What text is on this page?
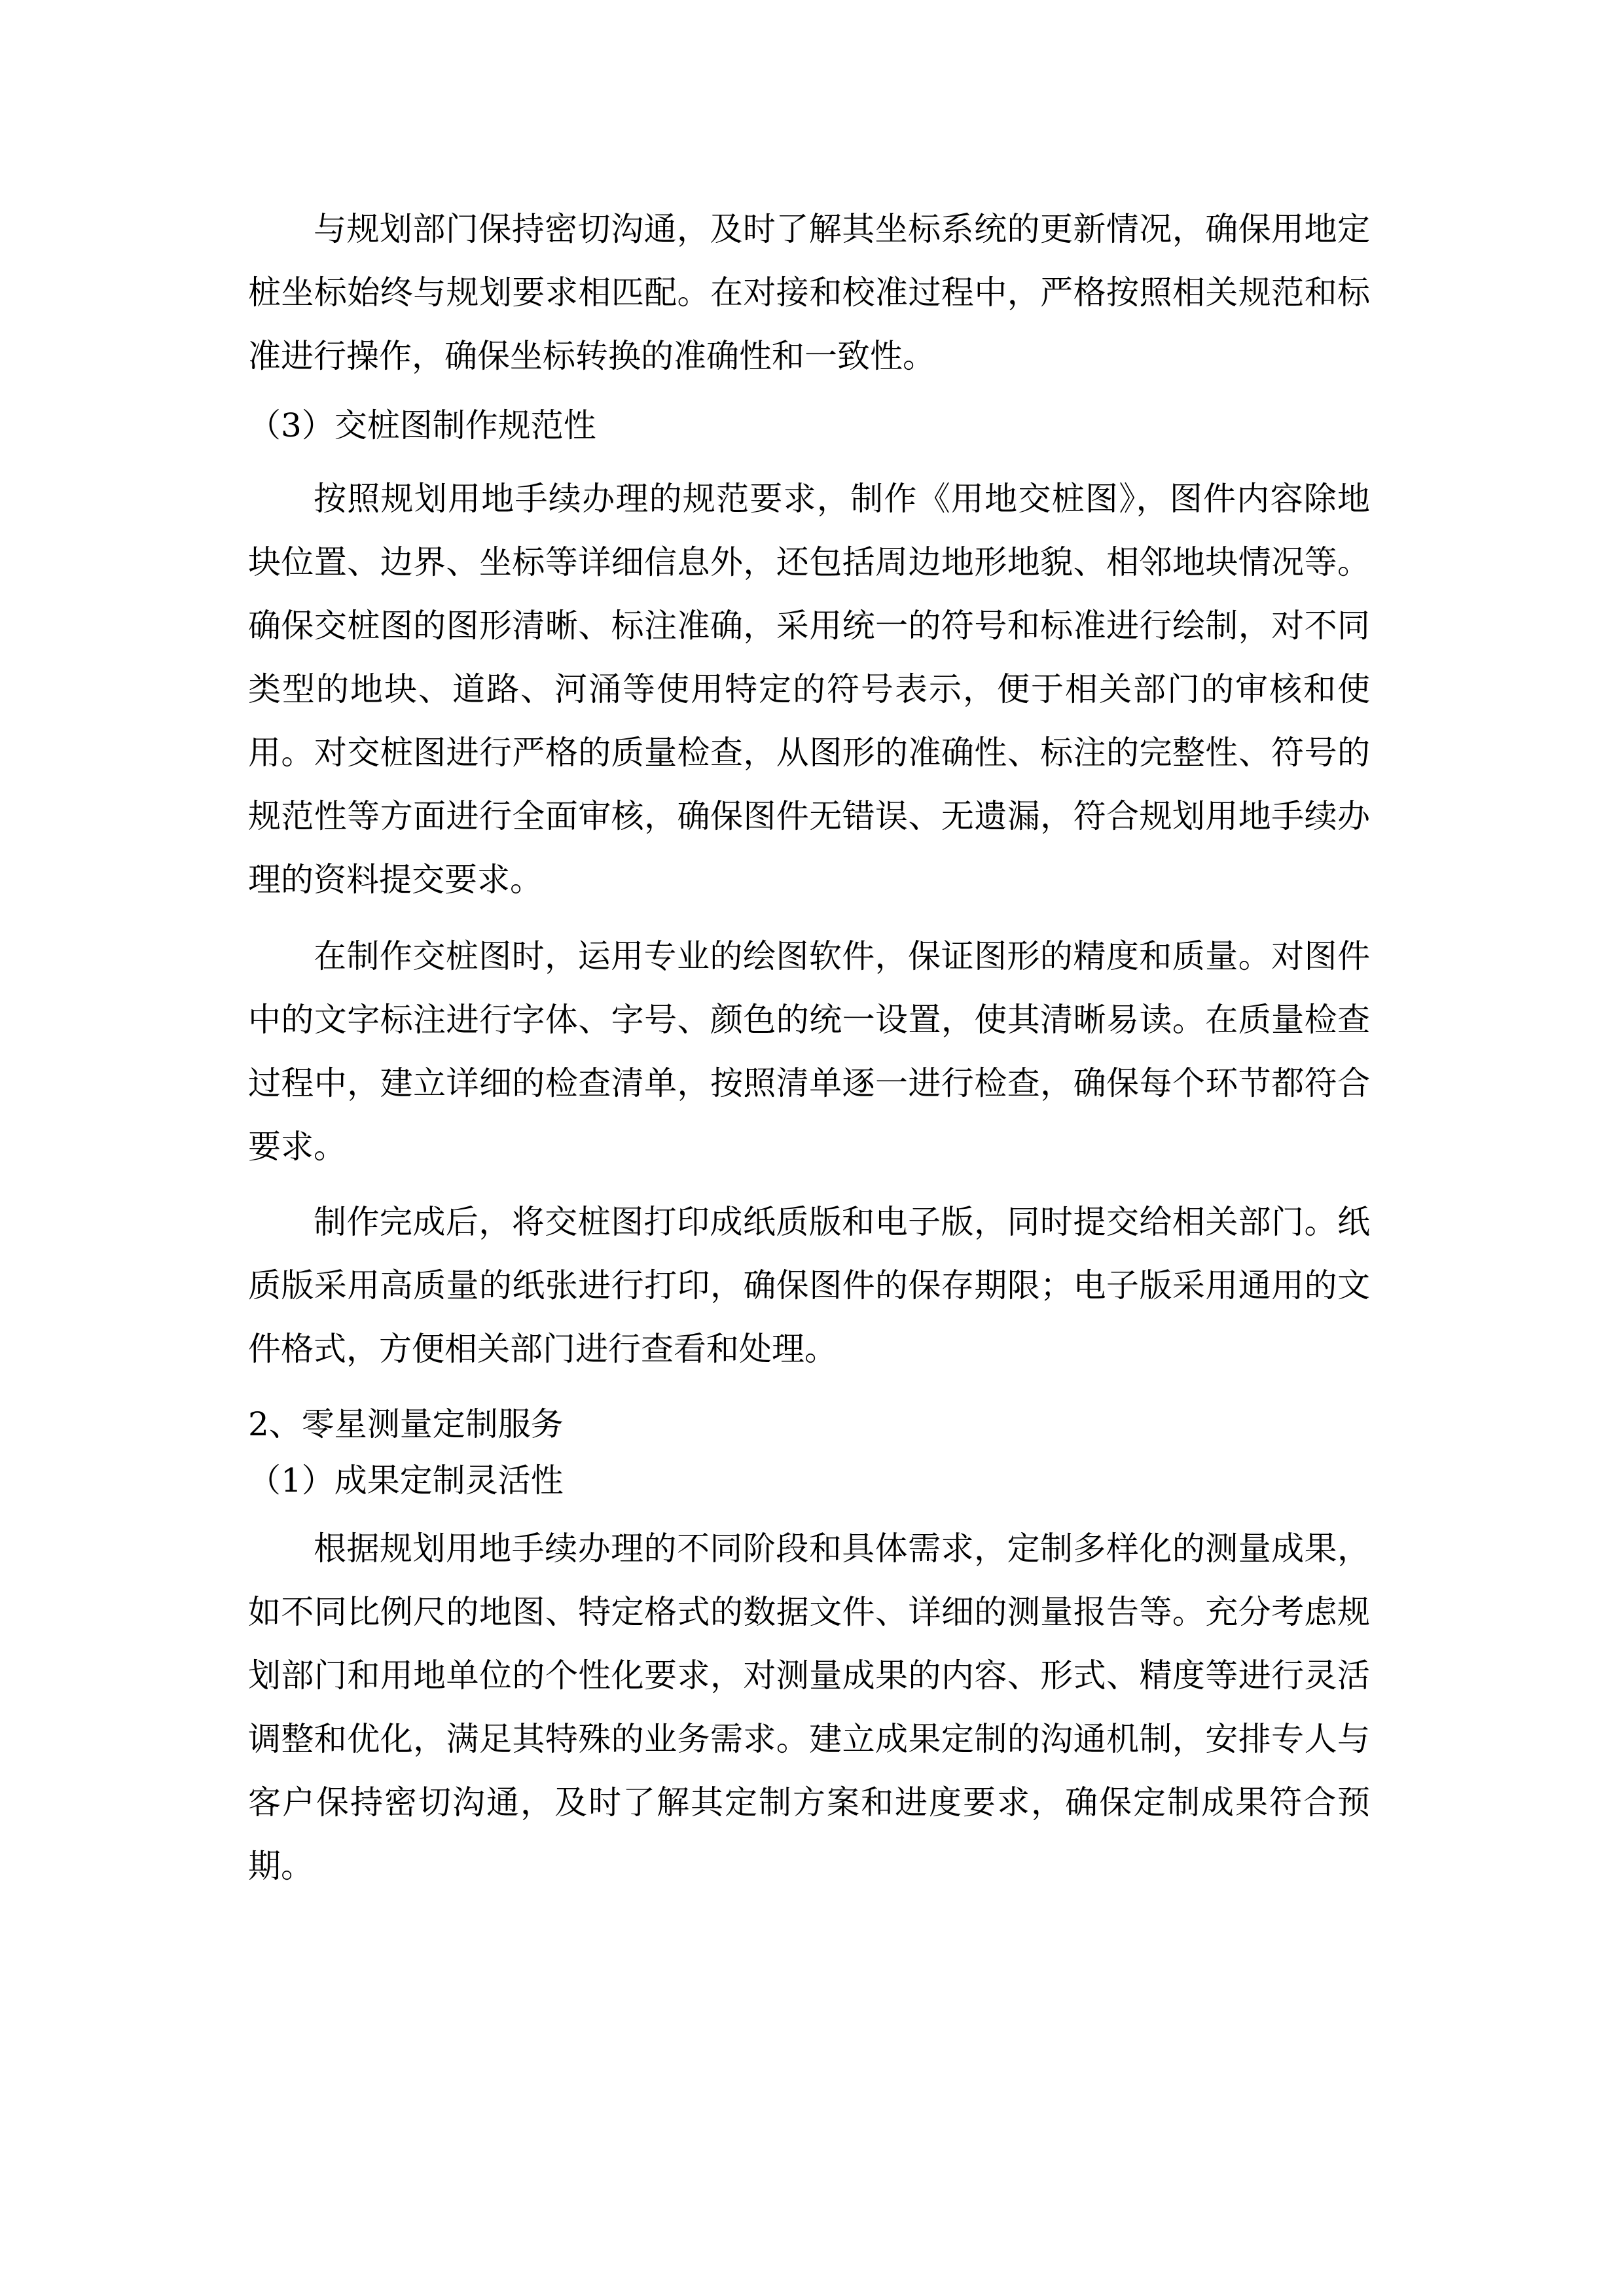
与规划部门保持密切沟通，及时了解其坐标系统的更新情况，确保用地定
桩坐标始终与规划要求相匹配。在对接和校准过程中，严格按照相关规范和标
准进行操作，确保坐标转换的准确性和一致性。
（3）交桩图制作规范性
按照规划用地手续办理的规范要求，制作《用地交桩图》，图件内容除地
块位置、边界、坐标等详细信息外，还包括周边地形地貌、相邻地块情况等。
确保交桩图的图形清晰、标注准确，采用统一的符号和标准进行绘制，对不同
类型的地块、道路、河涌等使用特定的符号表示，便于相关部门的审核和使
用。对交桩图进行严格的质量检查，从图形的准确性、标注的完整性、符号的
规范性等方面进行全面审核，确保图件无错误、无遗漏，符合规划用地手续办
理的资料提交要求。
在制作交桩图时，运用专业的绘图软件，保证图形的精度和质量。对图件
中的文字标注进行字体、字号、颜色的统一设置，使其清晰易读。在质量检查
过程中，建立详细的检查清单，按照清单逐一进行检查，确保每个环节都符合
要求。
制作完成后，将交桩图打印成纸质版和电子版，同时提交给相关部门。纸
质版采用高质量的纸张进行打印，确保图件的保存期限；电子版采用通用的文
件格式，方便相关部门进行查看和处理。
2、零星测量定制服务
（1）成果定制灵活性
根据规划用地手续办理的不同阶段和具体需求，定制多样化的测量成果，
如不同比例尺的地图、特定格式的数据文件、详细的测量报告等。充分考虑规
划部门和用地单位的个性化要求，对测量成果的内容、形式、精度等进行灵活
调整和优化，满足其特殊的业务需求。建立成果定制的沟通机制，安排专人与
客户保持密切沟通，及时了解其定制方案和进度要求，确保定制成果符合预
期。
